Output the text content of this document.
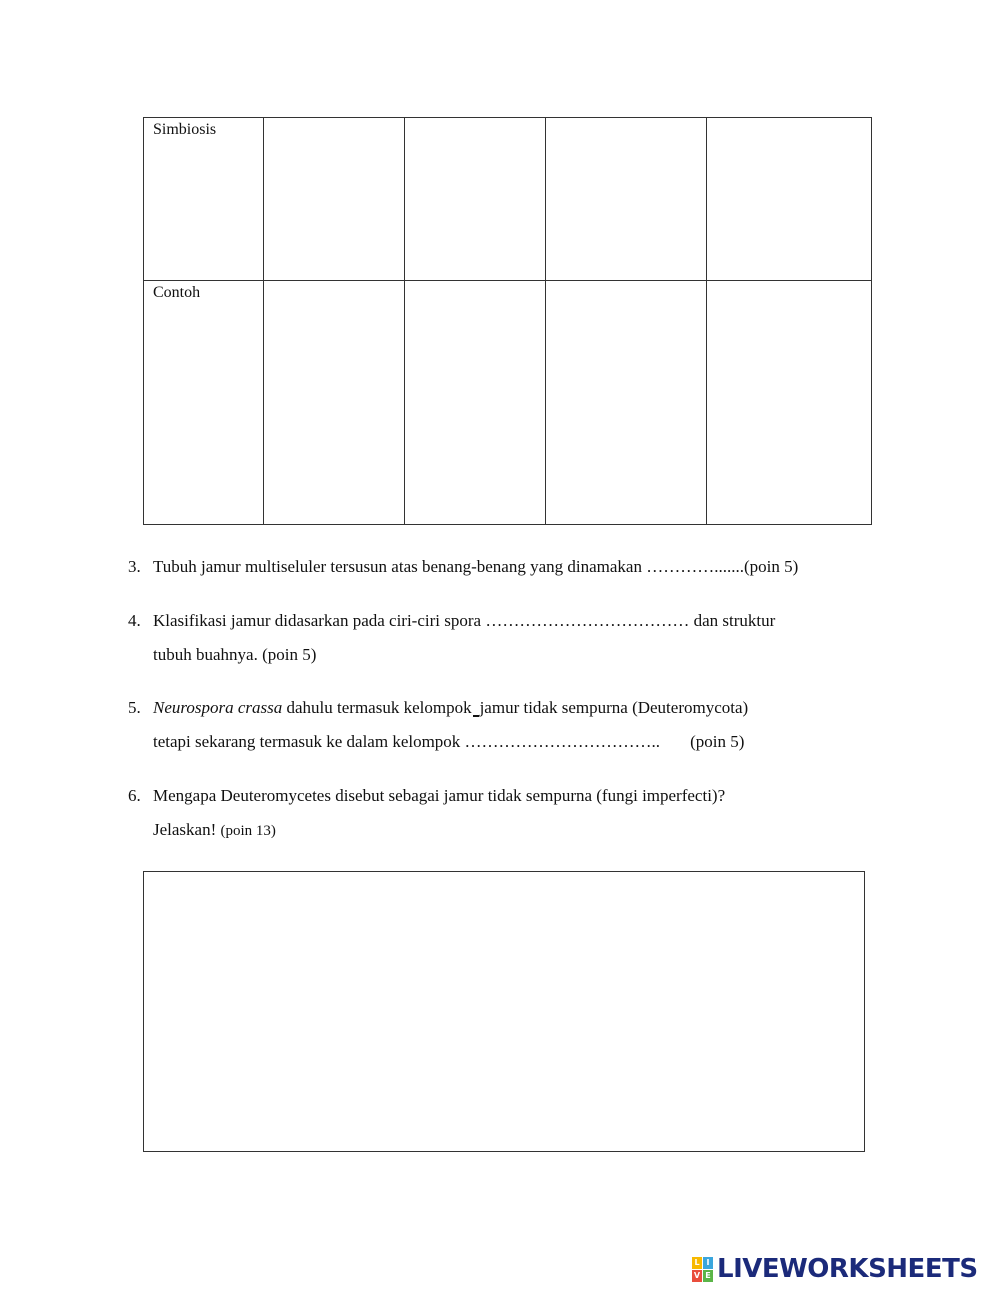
Simbiosis				

Contoh				

3. Tubuh jamur multiseluler tersusun atas benang-benang yang dinamakan ………….......(poin 5)
4. Klasifikasi jamur didasarkan pada ciri-ciri spora ……………………………… dan struktur
tubuh buahnya. (poin 5)
5. Neurospora crassa dahulu termasuk kelompok jamur tidak sempurna (Deuteromycota)
tetapi sekarang termasuk ke dalam kelompok …………………………….. (poin 5)
6. Mengapa Deuteromycetes disebut sebagai jamur tidak sempurna (fungi imperfecti)?
Jelaskan! (poin 13)
L I
V E LIVEWORKSHEETS
